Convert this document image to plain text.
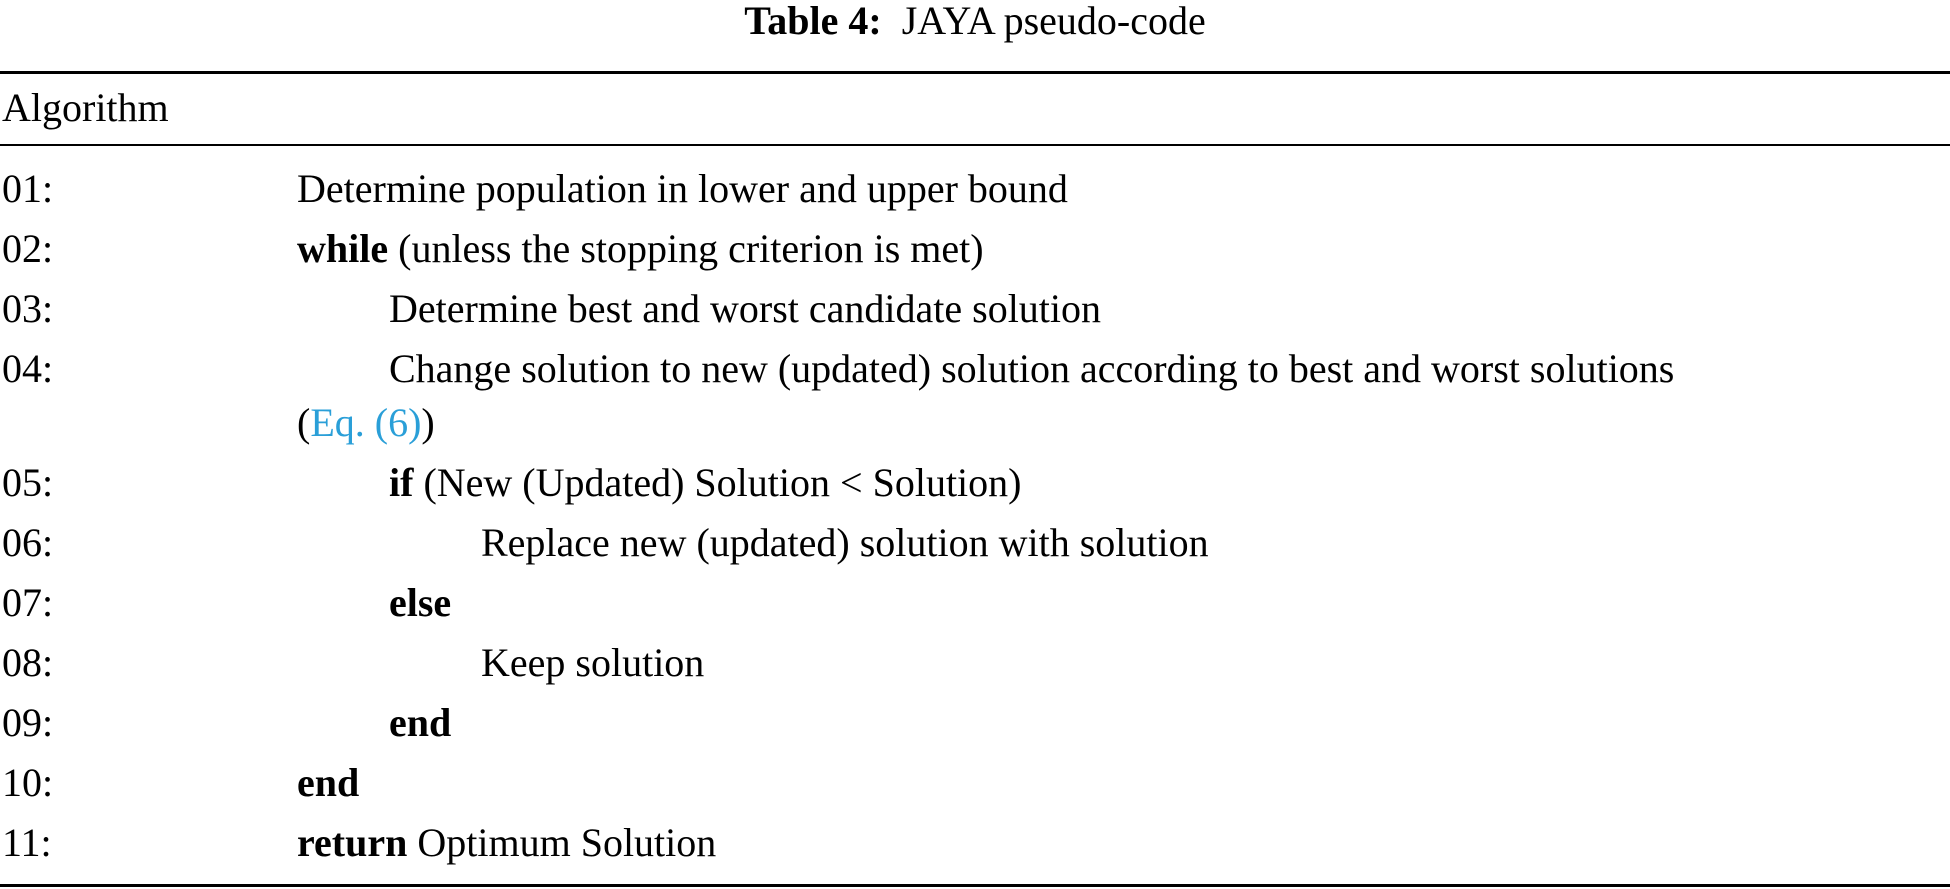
Table 4: JAYA pseudo-code
Algorithm
01:	Determine population in lower and upper bound
02:	while (unless the stopping criterion is met)
03:	Determine best and worst candidate solution
04:	Change solution to new (updated) solution according to best and worst solutions
(Eq. (6))
05:	if (New (Updated) Solution < Solution)
06:	Replace new (updated) solution with solution
07:	else
08:	Keep solution
09:	end
10:	end
11:	return Optimum Solution
